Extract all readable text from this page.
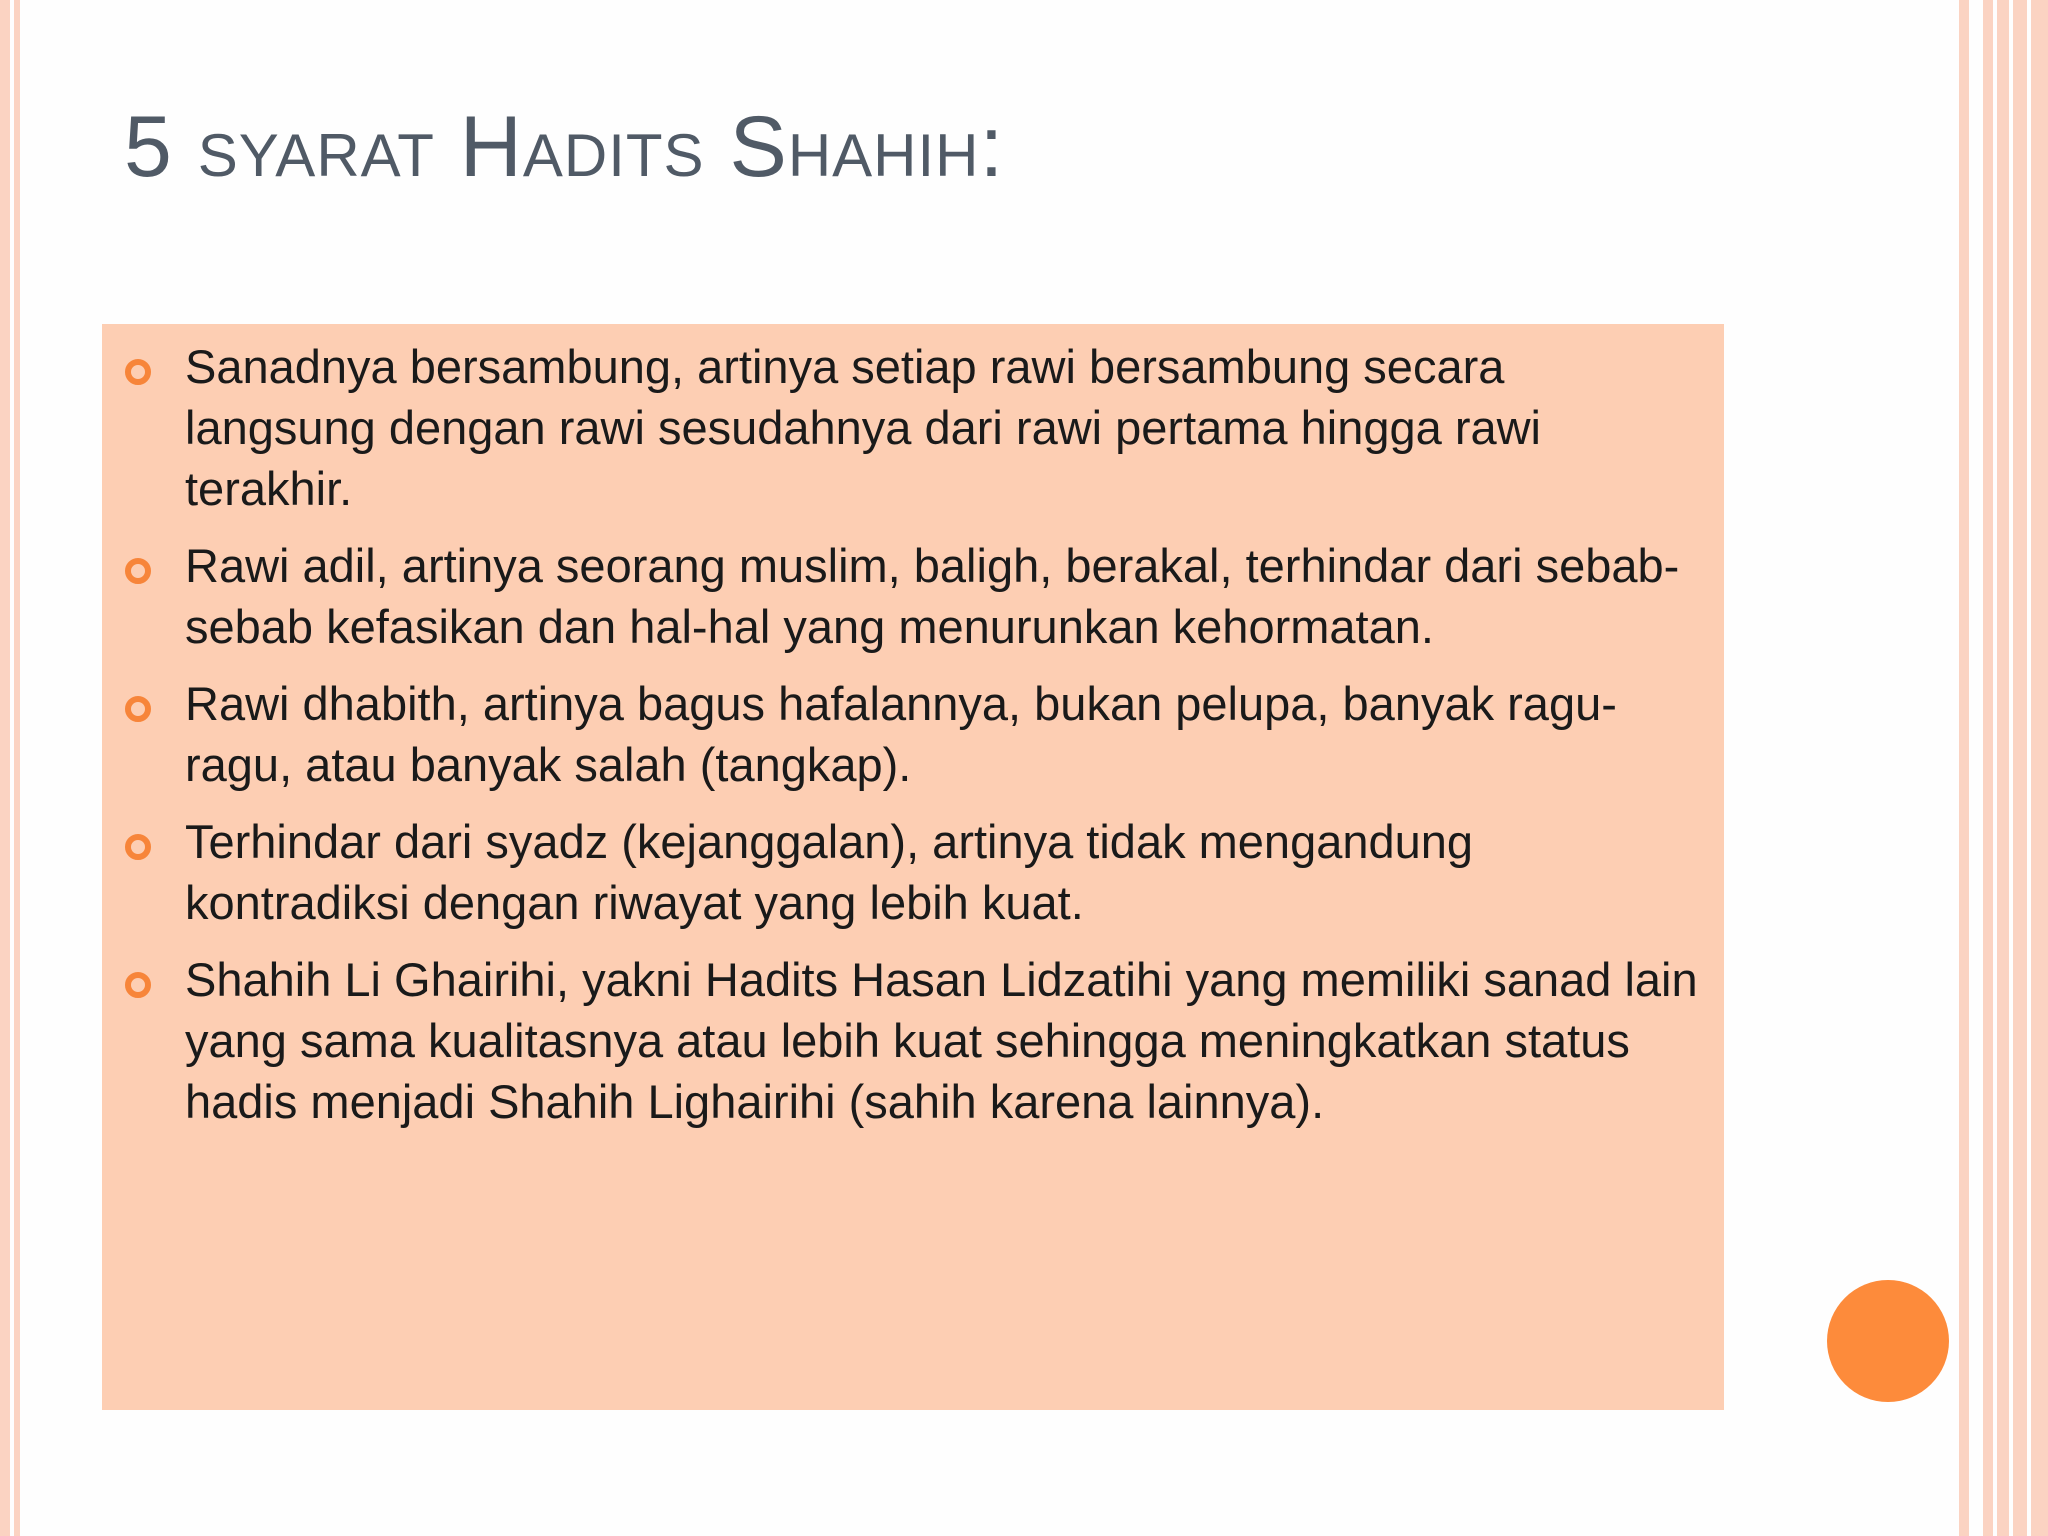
5 syarat Hadits Shahih:
Sanadnya bersambung, artinya setiap rawi bersambung secara langsung dengan rawi sesudahnya dari rawi pertama hingga rawi terakhir.
Rawi adil, artinya seorang muslim, baligh, berakal, terhindar dari sebab-sebab kefasikan dan hal-hal yang menurunkan kehormatan.
Rawi dhabith, artinya bagus hafalannya, bukan pelupa, banyak ragu-ragu, atau banyak salah (tangkap).
Terhindar dari syadz (kejanggalan), artinya tidak mengandung kontradiksi dengan riwayat yang lebih kuat.
Shahih Li Ghairihi, yakni Hadits Hasan Lidzatihi yang memiliki sanad lain yang sama kualitasnya atau lebih kuat sehingga meningkatkan status hadis menjadi Shahih Lighairihi (sahih karena lainnya).
